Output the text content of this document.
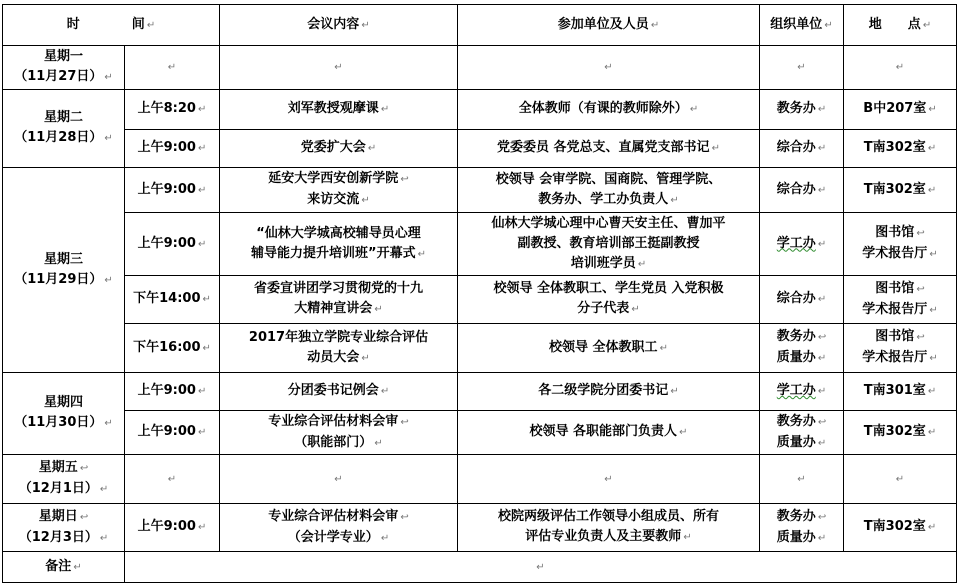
时　　　　间 ↵		会议内容 ↵	参加单位及人员 ↵	组织单位 ↵	地　　点 ↵

星期一
（11月27日） ↵	↵	↵	↵	↵	↵

星期二
（11月28日） ↵	上午8:20 ↵	刘军教授观摩课 ↵	全体教师（有课的教师除外） ↵	教务办 ↵	B中207室 ↵
	上午9:00 ↵	党委扩大会 ↵	党委委员 各党总支、直属党支部书记 ↵	综合办 ↵	T南302室 ↵

星期三
（11月29日） ↵	上午9:00 ↵	延安大学西安创新学院 ↩
来访交流 ↵	校领导 会审学院、国商院、管理学院、
教务办、学工办负责人 ↵	综合办 ↵	T南302室 ↵
	上午9:00 ↵	“仙林大学城高校辅导员心理
辅导能力提升培训班”开幕式 ↵	仙林大学城心理中心曹天安主任、曹加平
副教授、教育培训部王挺副教授
培训班学员 ↵	学工办 ↵	图书馆 ↩
学术报告厅 ↵

	下午14:00 ↵	省委宣讲团学习贯彻党的十九
大精神宣讲会 ↵	校领导 全体教职工、学生党员 入党积极
分子代表 ↵	综合办 ↵	图书馆 ↩
学术报告厅 ↵

	下午16:00 ↵	2017年独立学院专业综合评估
动员大会 ↵	校领导 全体教职工 ↵	教务办 ↩
质量办 ↵	图书馆 ↩
学术报告厅 ↵

星期四
（11月30日） ↵	上午9:00 ↵	分团委书记例会 ↵	各二级学院分团委书记 ↵	学工办 ↵	T南301室 ↵
	上午9:00 ↵	专业综合评估材料会审 ↩
（职能部门） ↵	校领导 各职能部门负责人 ↵	教务办 ↩
质量办 ↵	T南302室 ↵

星期五 ↩
（12月1日） ↵	↵	↵	↵	↵	↵

星期日 ↩
（12月3日） ↵	上午9:00 ↵	专业综合评估材料会审 ↩
（会计学专业） ↵	校院两级评估工作领导小组成员、所有
评估专业负责人及主要教师 ↵	教务办 ↩
质量办 ↵	T南302室 ↵
备注 ↵	↵				
